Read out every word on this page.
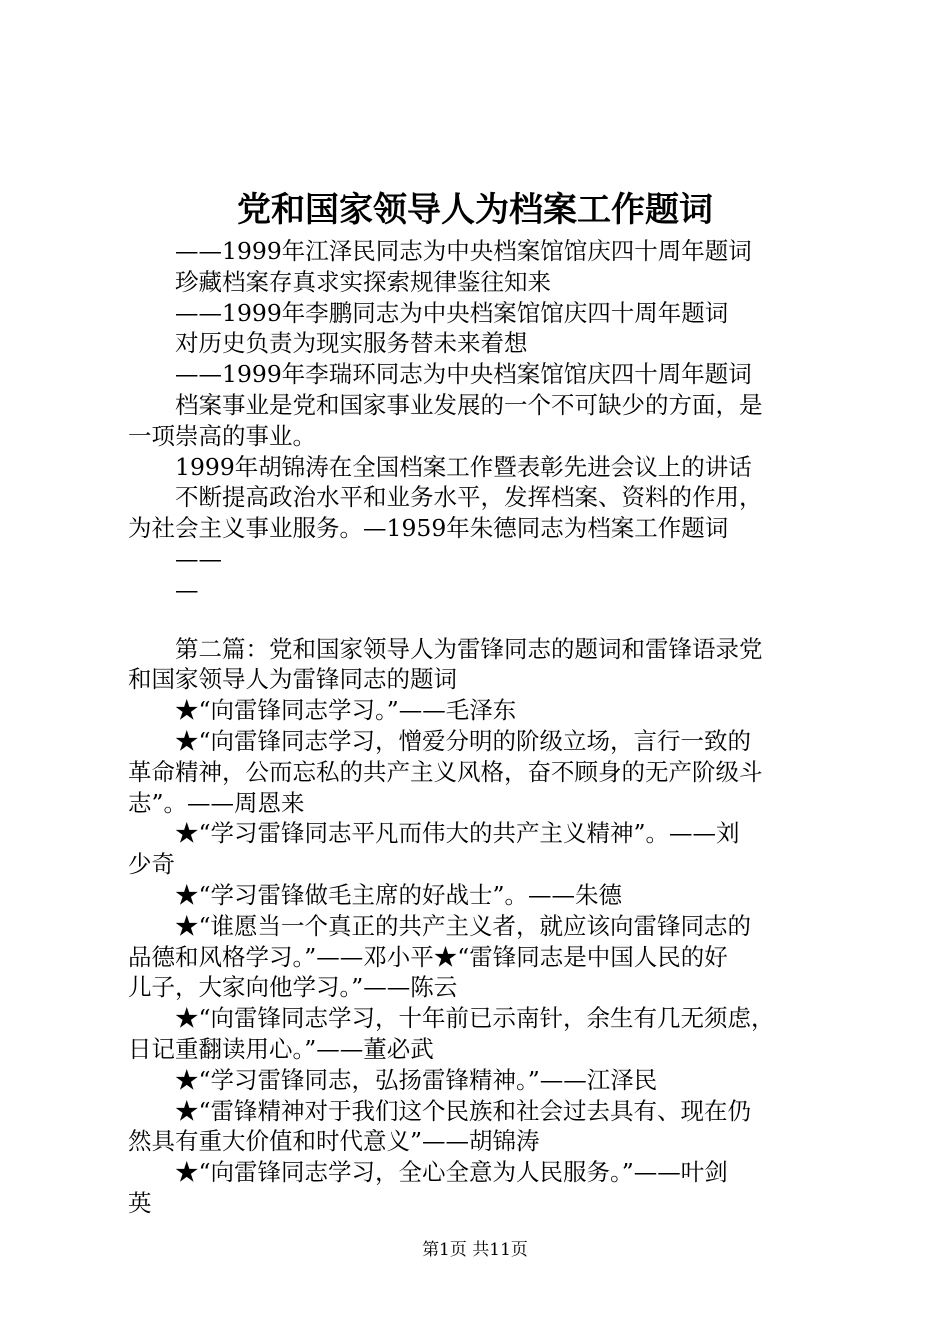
党和国家领导人为档案工作题词
——1999年江泽民同志为中央档案馆馆庆四十周年题词
珍藏档案存真求实探索规律鉴往知来
——1999年李鹏同志为中央档案馆馆庆四十周年题词
对历史负责为现实服务替未来着想
——1999年李瑞环同志为中央档案馆馆庆四十周年题词
档案事业是党和国家事业发展的一个不可缺少的方面，是
一项崇高的事业。
1999年胡锦涛在全国档案工作暨表彰先进会议上的讲话
不断提高政治水平和业务水平，发挥档案、资料的作用，
为社会主义事业服务。—1959年朱德同志为档案工作题词
——
—
第二篇：党和国家领导人为雷锋同志的题词和雷锋语录党
和国家领导人为雷锋同志的题词
★“向雷锋同志学习。”——毛泽东
★“向雷锋同志学习，憎爱分明的阶级立场，言行一致的
革命精神，公而忘私的共产主义风格，奋不顾身的无产阶级斗
志”。——周恩来
★“学习雷锋同志平凡而伟大的共产主义精神”。——刘
少奇
★“学习雷锋做毛主席的好战士”。——朱德
★“谁愿当一个真正的共产主义者，就应该向雷锋同志的
品德和风格学习。”——邓小平★“雷锋同志是中国人民的好
儿子，大家向他学习。”——陈云
★“向雷锋同志学习，十年前已示南针，余生有几无须虑，
日记重翻读用心。”——董必武
★“学习雷锋同志，弘扬雷锋精神。”——江泽民
★“雷锋精神对于我们这个民族和社会过去具有、现在仍
然具有重大价值和时代意义”——胡锦涛
★“向雷锋同志学习，全心全意为人民服务。”——叶剑
英
第1页 共11页
